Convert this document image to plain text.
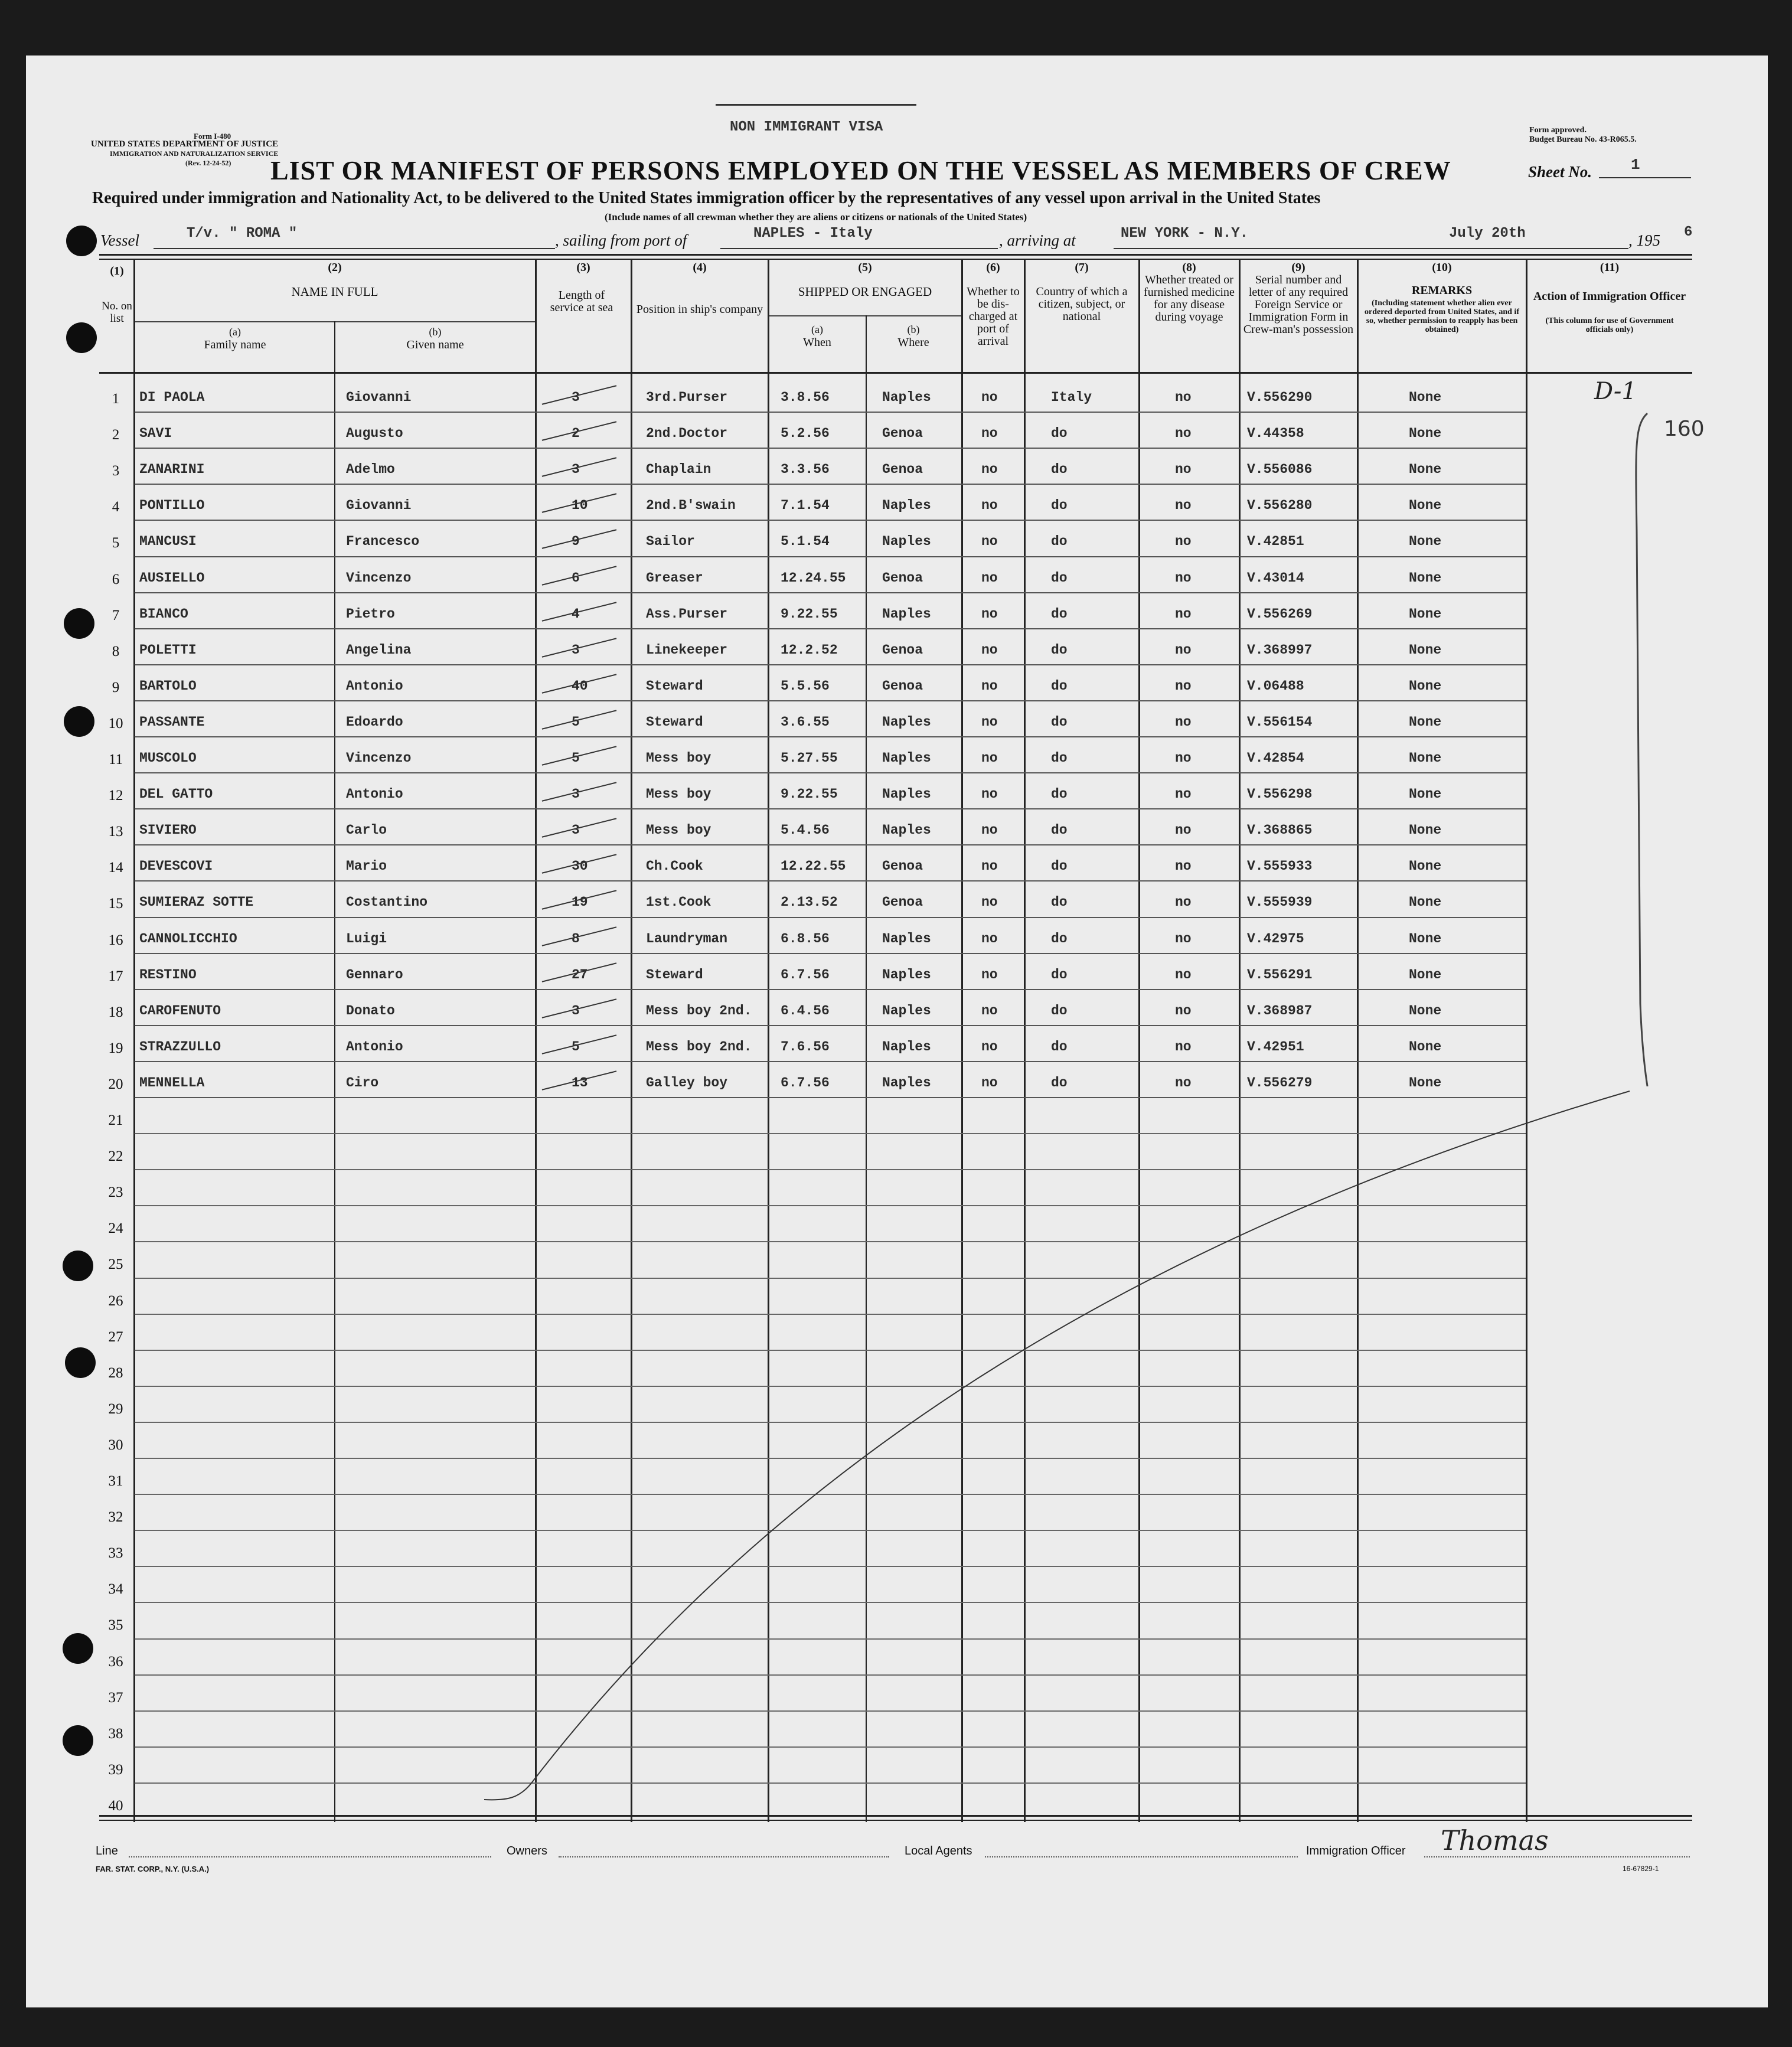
Form I-480
UNITED STATES DEPARTMENT OF JUSTICE
IMMIGRATION AND NATURALIZATION SERVICE
(Rev. 12-24-52)
NON IMMIGRANT VISA	Form approved.
Budget Bureau No. 43-R065.5.
LIST OR MANIFEST OF PERSONS EMPLOYED ON THE VESSEL AS MEMBERS OF CREW	Sheet No.	1
Required under immigration and Nationality Act, to be delivered to the United States immigration officer by the representatives of any vessel upon arrival in the United States
(Include names of all crewman whether they are aliens or citizens or nationals of the United States)
Vessel	T/v. " ROMA "	, sailing from port of	NAPLES - Italy	, arriving at	NEW YORK - N.Y.	July 20th	, 195 6
(1)	(2)	(3)	(4)	(5)	(6)	(7)	(8)	(9)	(10)	(11)
No. on list
NAME IN FULL
(a)
Family name
(b)
Given name
Length of service at sea	Position in ship's company
SHIPPED OR ENGAGED
(a)
When
(b)
Where
Whether to be dis-charged at port of arrival
Country of which a citizen, subject, or national
Whether treated or furnished medicine for any disease during voyage
Serial number and letter of any required Foreign Service or Immigration Form in Crew-man's possession
REMARKS
(Including statement whether alien ever ordered deported from United States, and if so, whether permission to reapply has been obtained)
Action of Immigration Officer
(This column for use of Government officials only)
1	DI PAOLA	Giovanni	3	3rd.Purser	3.8.56	Naples	no	Italy	no	V.556290	None
2	SAVI	Augusto	2	2nd.Doctor	5.2.56	Genoa	no	do	no	V.44358	None
3	ZANARINI	Adelmo	3	Chaplain	3.3.56	Genoa	no	do	no	V.556086	None
4	PONTILLO	Giovanni	10	2nd.B'swain	7.1.54	Naples	no	do	no	V.556280	None
5	MANCUSI	Francesco	9	Sailor	5.1.54	Naples	no	do	no	V.42851	None
6	AUSIELLO	Vincenzo	6	Greaser	12.24.55	Genoa	no	do	no	V.43014	None
7	BIANCO	Pietro	4	Ass.Purser	9.22.55	Naples	no	do	no	V.556269	None
8	POLETTI	Angelina	3	Linekeeper	12.2.52	Genoa	no	do	no	V.368997	None
9	BARTOLO	Antonio	40	Steward	5.5.56	Genoa	no	do	no	V.06488	None
10	PASSANTE	Edoardo	5	Steward	3.6.55	Naples	no	do	no	V.556154	None
11	MUSCOLO	Vincenzo	5	Mess boy	5.27.55	Naples	no	do	no	V.42854	None
12	DEL GATTO	Antonio	3	Mess boy	9.22.55	Naples	no	do	no	V.556298	None
13	SIVIERO	Carlo	3	Mess boy	5.4.56	Naples	no	do	no	V.368865	None
14	DEVESCOVI	Mario	30	Ch.Cook	12.22.55	Genoa	no	do	no	V.555933	None
15	SUMIERAZ SOTTE	Costantino	19	1st.Cook	2.13.52	Genoa	no	do	no	V.555939	None
16	CANNOLICCHIO	Luigi	8	Laundryman	6.8.56	Naples	no	do	no	V.42975	None
17	RESTINO	Gennaro	27	Steward	6.7.56	Naples	no	do	no	V.556291	None
18	CAROFENUTO	Donato	3	Mess boy 2nd. 6.4.56	Naples	no	do	no	V.368987	None
19	STRAZZULLO	Antonio	5	Mess boy 2nd. 7.6.56	Naples	no	do	no	V.42951	None
20	MENNELLA	Ciro	13	Galley boy	6.7.56	Naples	no	do	no	V.556279	None
21
22
23
24
25
26
27
28
29
30
31
32
33
34
35
36
37
38
39
40
D-1
160
Line	Owners	Local Agents	Immigration Officer Thomas
FAR. STAT. CORP., N.Y. (U.S.A.)	16-67829-1
